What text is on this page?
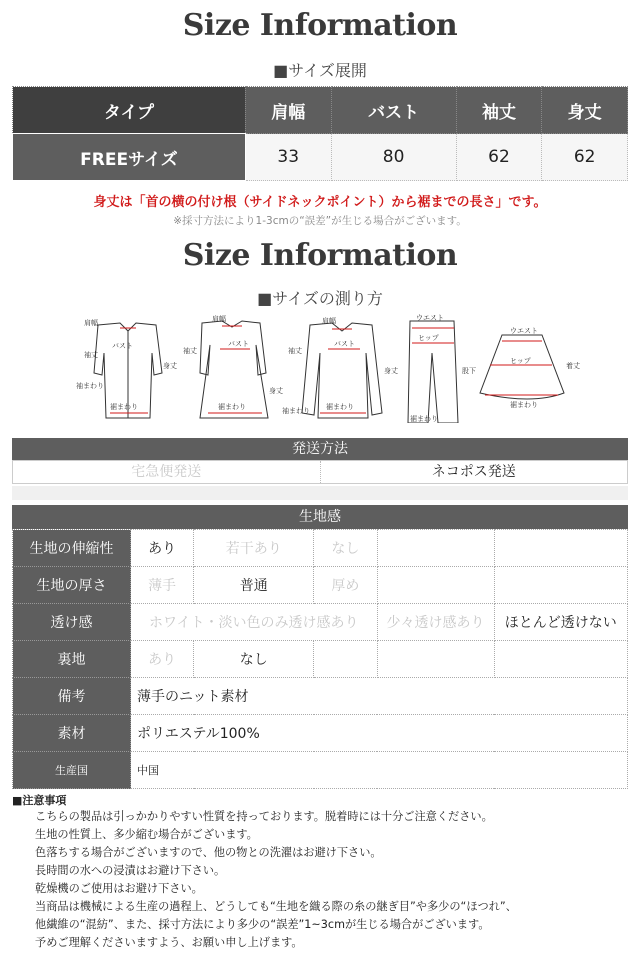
Size Information
■サイズ展開
タイプ	肩幅	バスト	袖丈	身丈
FREEサイズ	33	80	62	62
身丈は「首の横の付け根（サイドネックポイント）から裾までの長さ」です。
※採寸方法により1-3cmの“誤差”が生じる場合がございます。
Size Information
■サイズの測り方
肩幅
袖丈
バスト
身丈
袖まわり
裾まわり
肩幅
バスト
袖丈
身丈
裾まわり
肩幅
バスト
袖丈
身丈
袖まわり 裾まわり
ウエスト
ヒップ
股下
裾まわり
ウエスト
ヒップ
着丈
裾まわり
発送方法
宅急便発送	ネコポス発送
生地感
生地の伸縮性	あり	若干あり	なし		
生地の厚さ	薄手	普通	厚め		
透け感	ホワイト・淡い色のみ透け感あり			少々透け感あり	ほとんど透けない
裏地	あり	なし			
備考	薄手のニット素材				
素材	ポリエステル100%				
生産国	中国				
■注意事項
こちらの製品は引っかかりやすい性質を持っております。脱着時には十分ご注意ください。
生地の性質上、多少縮む場合がございます。
色落ちする場合がございますので、他の物との洗濯はお避け下さい。
長時間の水への浸漬はお避け下さい。
乾燥機のご使用はお避け下さい。
当商品は機械による生産の過程上、どうしても“生地を織る際の糸の継ぎ目”や多少の“ほつれ”、
他繊維の“混紡”、また、採寸方法により多少の“誤差”1~3cmが生じる場合がございます。
予めご理解くださいますよう、お願い申し上げます。
